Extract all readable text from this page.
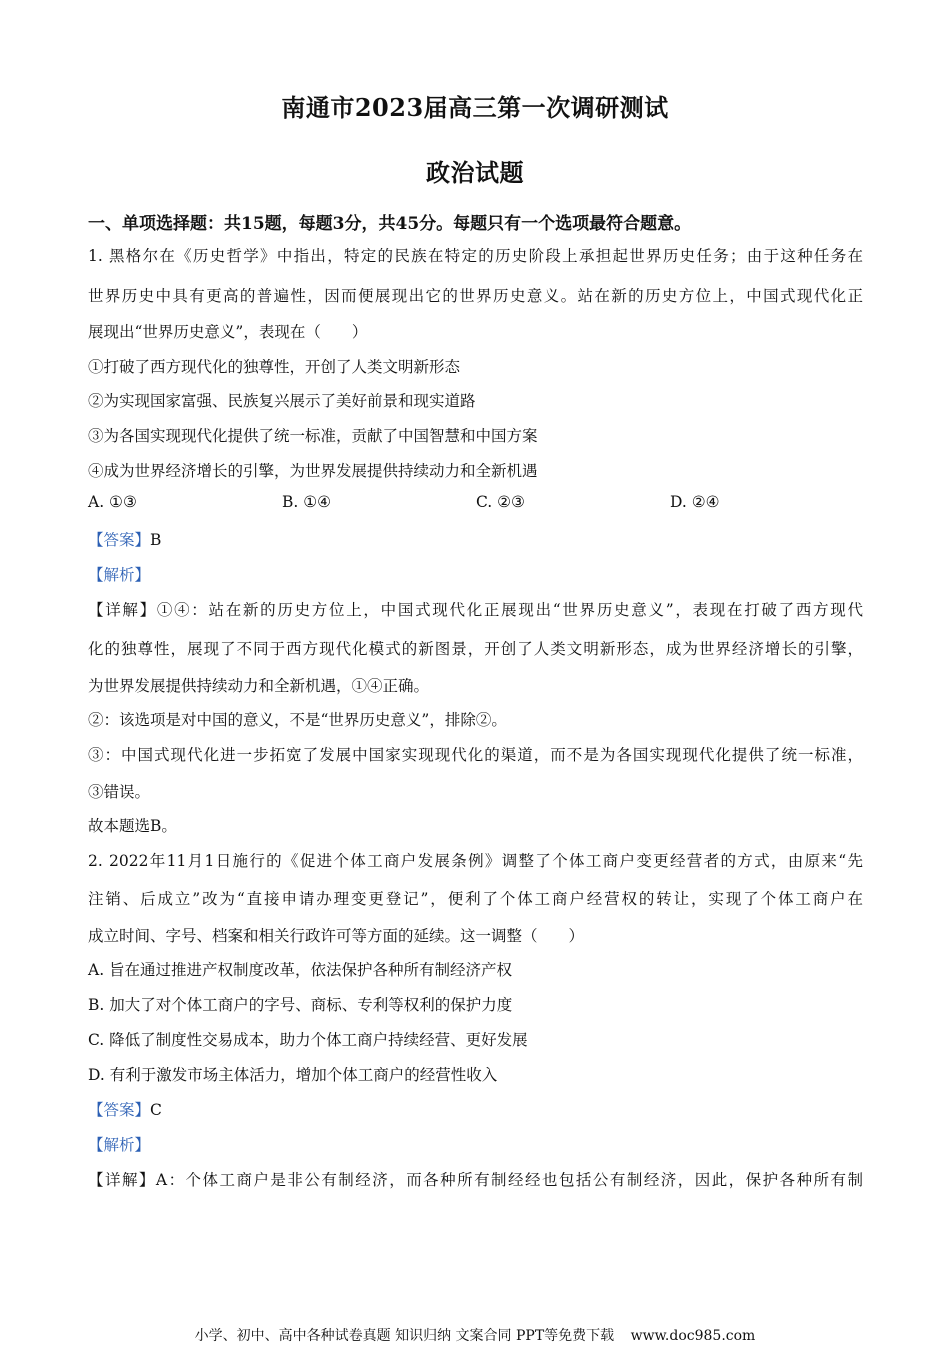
南通市2023届高三第一次调研测试
政治试题
一、单项选择题：共15题，每题3分，共45分。每题只有一个选项最符合题意。
1. 黑格尔在《历史哲学》中指出，特定的民族在特定的历史阶段上承担起世界历史任务；由于这种任务在
世界历史中具有更高的普遍性，因而便展现出它的世界历史意义。站在新的历史方位上，中国式现代化正
展现出“世界历史意义”，表现在（　　）
①打破了西方现代化的独尊性，开创了人类文明新形态
②为实现国家富强、民族复兴展示了美好前景和现实道路
③为各国实现现代化提供了统一标准，贡献了中国智慧和中国方案
④成为世界经济增长的引擎，为世界发展提供持续动力和全新机遇
A. ①③	B. ①④	C. ②③	D. ②④
【答案】B
【解析】
【详解】①④：站在新的历史方位上，中国式现代化正展现出“世界历史意义”，表现在打破了西方现代
化的独尊性，展现了不同于西方现代化模式的新图景，开创了人类文明新形态，成为世界经济增长的引擎，
为世界发展提供持续动力和全新机遇，①④正确。
②：该选项是对中国的意义，不是“世界历史意义”，排除②。
③：中国式现代化进一步拓宽了发展中国家实现现代化的渠道，而不是为各国实现现代化提供了统一标准，
③错误。
故本题选B。
2. 2022年11月1日施行的《促进个体工商户发展条例》调整了个体工商户变更经营者的方式，由原来“先
注销、后成立”改为“直接申请办理变更登记”，便利了个体工商户经营权的转让，实现了个体工商户在
成立时间、字号、档案和相关行政许可等方面的延续。这一调整（　　）
A. 旨在通过推进产权制度改革，依法保护各种所有制经济产权
B. 加大了对个体工商户的字号、商标、专利等权利的保护力度
C. 降低了制度性交易成本，助力个体工商户持续经营、更好发展
D. 有利于激发市场主体活力，增加个体工商户的经营性收入
【答案】C
【解析】
【详解】A：个体工商户是非公有制经济，而各种所有制经经也包括公有制经济，因此，保护各种所有制
小学、初中、高中各种试卷真题 知识归纳 文案合同 PPT等免费下载 www.doc985.com
